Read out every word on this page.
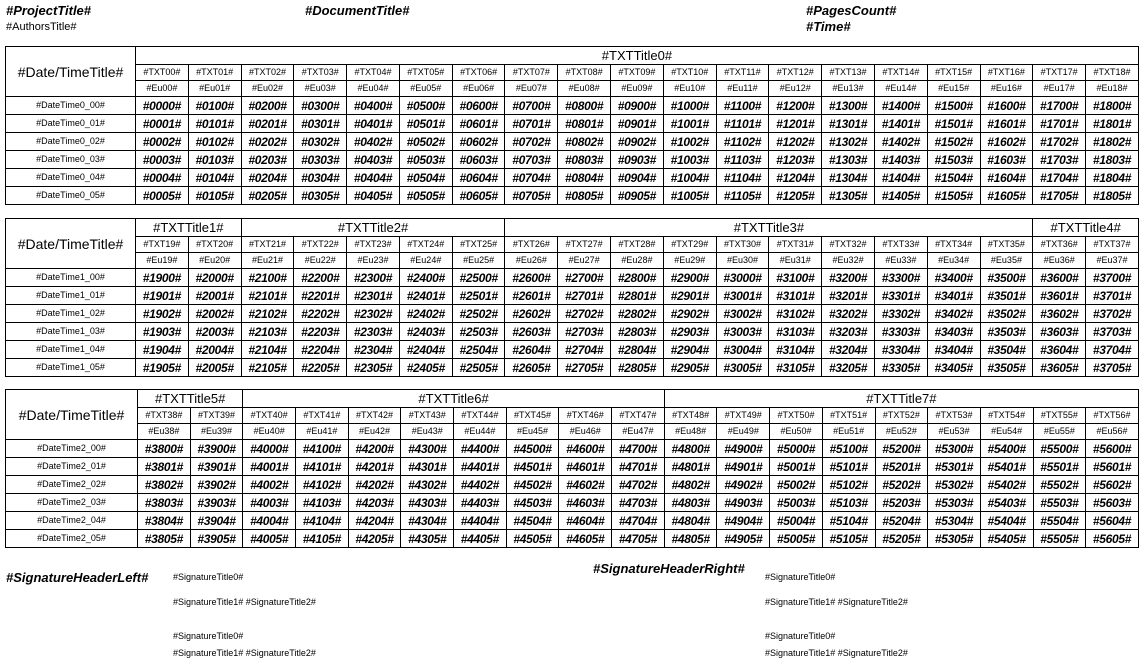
#ProjectTitle#
#AuthorsTitle#
#DocumentTitle#	#PagesCount#
#Time#
#Date/TimeTitle#	#TXTTitle0#																		
	#TXT00#	#TXT01#	#TXT02#	#TXT03#	#TXT04#	#TXT05#	#TXT06#	#TXT07#	#TXT08#	#TXT09#	#TXT10#	#TXT11#	#TXT12#	#TXT13#	#TXT14#	#TXT15#	#TXT16#	#TXT17#	#TXT18#
	#Eu00#	#Eu01#	#Eu02#	#Eu03#	#Eu04#	#Eu05#	#Eu06#	#Eu07#	#Eu08#	#Eu09#	#Eu10#	#Eu11#	#Eu12#	#Eu13#	#Eu14#	#Eu15#	#Eu16#	#Eu17#	#Eu18#
#DateTime0_00#	#0000#	#0100#	#0200#	#0300#	#0400#	#0500#	#0600#	#0700#	#0800#	#0900#	#1000#	#1100#	#1200#	#1300#	#1400#	#1500#	#1600#	#1700#	#1800#
#DateTime0_01#	#0001#	#0101#	#0201#	#0301#	#0401#	#0501#	#0601#	#0701#	#0801#	#0901#	#1001#	#1101#	#1201#	#1301#	#1401#	#1501#	#1601#	#1701#	#1801#
#DateTime0_02#	#0002#	#0102#	#0202#	#0302#	#0402#	#0502#	#0602#	#0702#	#0802#	#0902#	#1002#	#1102#	#1202#	#1302#	#1402#	#1502#	#1602#	#1702#	#1802#
#DateTime0_03#	#0003#	#0103#	#0203#	#0303#	#0403#	#0503#	#0603#	#0703#	#0803#	#0903#	#1003#	#1103#	#1203#	#1303#	#1403#	#1503#	#1603#	#1703#	#1803#
#DateTime0_04#	#0004#	#0104#	#0204#	#0304#	#0404#	#0504#	#0604#	#0704#	#0804#	#0904#	#1004#	#1104#	#1204#	#1304#	#1404#	#1504#	#1604#	#1704#	#1804#
#DateTime0_05#	#0005#	#0105#	#0205#	#0305#	#0405#	#0505#	#0605#	#0705#	#0805#	#0905#	#1005#	#1105#	#1205#	#1305#	#1405#	#1505#	#1605#	#1705#	#1805#
#Date/TimeTitle#	#TXTTitle1#		#TXTTitle2#					#TXTTitle3#										#TXTTitle4#	
	#TXT19#	#TXT20#	#TXT21#	#TXT22#	#TXT23#	#TXT24#	#TXT25#	#TXT26#	#TXT27#	#TXT28#	#TXT29#	#TXT30#	#TXT31#	#TXT32#	#TXT33#	#TXT34#	#TXT35#	#TXT36#	#TXT37#
	#Eu19#	#Eu20#	#Eu21#	#Eu22#	#Eu23#	#Eu24#	#Eu25#	#Eu26#	#Eu27#	#Eu28#	#Eu29#	#Eu30#	#Eu31#	#Eu32#	#Eu33#	#Eu34#	#Eu35#	#Eu36#	#Eu37#
#DateTime1_00#	#1900#	#2000#	#2100#	#2200#	#2300#	#2400#	#2500#	#2600#	#2700#	#2800#	#2900#	#3000#	#3100#	#3200#	#3300#	#3400#	#3500#	#3600#	#3700#
#DateTime1_01#	#1901#	#2001#	#2101#	#2201#	#2301#	#2401#	#2501#	#2601#	#2701#	#2801#	#2901#	#3001#	#3101#	#3201#	#3301#	#3401#	#3501#	#3601#	#3701#
#DateTime1_02#	#1902#	#2002#	#2102#	#2202#	#2302#	#2402#	#2502#	#2602#	#2702#	#2802#	#2902#	#3002#	#3102#	#3202#	#3302#	#3402#	#3502#	#3602#	#3702#
#DateTime1_03#	#1903#	#2003#	#2103#	#2203#	#2303#	#2403#	#2503#	#2603#	#2703#	#2803#	#2903#	#3003#	#3103#	#3203#	#3303#	#3403#	#3503#	#3603#	#3703#
#DateTime1_04#	#1904#	#2004#	#2104#	#2204#	#2304#	#2404#	#2504#	#2604#	#2704#	#2804#	#2904#	#3004#	#3104#	#3204#	#3304#	#3404#	#3504#	#3604#	#3704#
#DateTime1_05#	#1905#	#2005#	#2105#	#2205#	#2305#	#2405#	#2505#	#2605#	#2705#	#2805#	#2905#	#3005#	#3105#	#3205#	#3305#	#3405#	#3505#	#3605#	#3705#
#Date/TimeTitle#	#TXTTitle5#		#TXTTitle6#								#TXTTitle7#								
	#TXT38#	#TXT39#	#TXT40#	#TXT41#	#TXT42#	#TXT43#	#TXT44#	#TXT45#	#TXT46#	#TXT47#	#TXT48#	#TXT49#	#TXT50#	#TXT51#	#TXT52#	#TXT53#	#TXT54#	#TXT55#	#TXT56#
	#Eu38#	#Eu39#	#Eu40#	#Eu41#	#Eu42#	#Eu43#	#Eu44#	#Eu45#	#Eu46#	#Eu47#	#Eu48#	#Eu49#	#Eu50#	#Eu51#	#Eu52#	#Eu53#	#Eu54#	#Eu55#	#Eu56#
#DateTime2_00#	#3800#	#3900#	#4000#	#4100#	#4200#	#4300#	#4400#	#4500#	#4600#	#4700#	#4800#	#4900#	#5000#	#5100#	#5200#	#5300#	#5400#	#5500#	#5600#
#DateTime2_01#	#3801#	#3901#	#4001#	#4101#	#4201#	#4301#	#4401#	#4501#	#4601#	#4701#	#4801#	#4901#	#5001#	#5101#	#5201#	#5301#	#5401#	#5501#	#5601#
#DateTime2_02#	#3802#	#3902#	#4002#	#4102#	#4202#	#4302#	#4402#	#4502#	#4602#	#4702#	#4802#	#4902#	#5002#	#5102#	#5202#	#5302#	#5402#	#5502#	#5602#
#DateTime2_03#	#3803#	#3903#	#4003#	#4103#	#4203#	#4303#	#4403#	#4503#	#4603#	#4703#	#4803#	#4903#	#5003#	#5103#	#5203#	#5303#	#5403#	#5503#	#5603#
#DateTime2_04#	#3804#	#3904#	#4004#	#4104#	#4204#	#4304#	#4404#	#4504#	#4604#	#4704#	#4804#	#4904#	#5004#	#5104#	#5204#	#5304#	#5404#	#5504#	#5604#
#DateTime2_05#	#3805#	#3905#	#4005#	#4105#	#4205#	#4305#	#4405#	#4505#	#4605#	#4705#	#4805#	#4905#	#5005#	#5105#	#5205#	#5305#	#5405#	#5505#	#5605#
#SignatureHeaderLeft#	#SignatureTitle0#
#SignatureTitle1# #SignatureTitle2#
#SignatureTitle0#
#SignatureTitle1# #SignatureTitle2#
#SignatureHeaderRight#
#SignatureTitle0#
#SignatureTitle1# #SignatureTitle2#
#SignatureTitle0#
#SignatureTitle1# #SignatureTitle2#
